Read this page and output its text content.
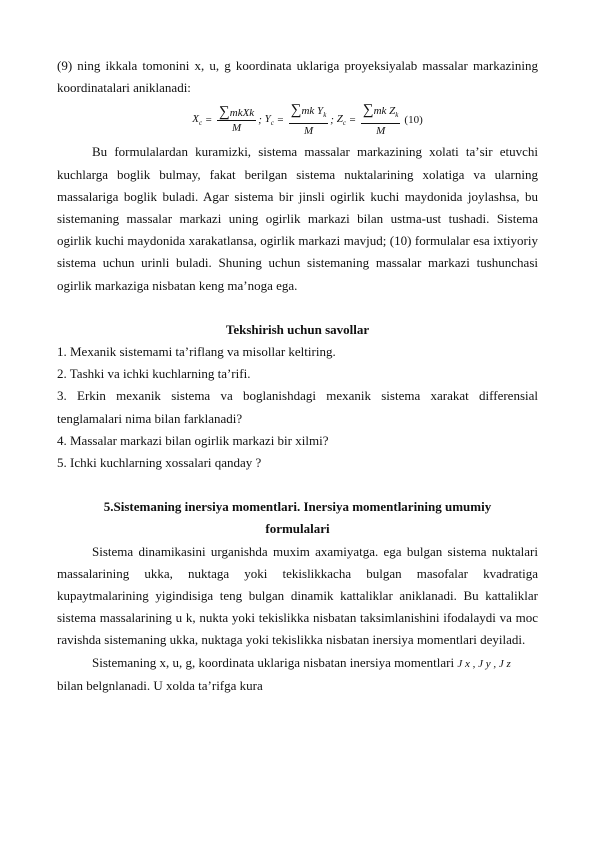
(9) ning ikkala tomonini x, u, g koordinata uklariga proyeksiyalab massalar markazining koordinatalari aniklanadi:

$X_c = \frac{\text{∑mkXk}}{M}$ ; $Y_c = \frac{\sum mk Y_k}{M}$ ; $Z_c = \frac{\sum mk Z_k}{M} (10)$

Bu formulalardan kuramizki, sistema massalar markazining xolati taʼsir etuvchi kuchlarga boglik bulmay, fakat berilgan sistema nuktalarining xolatiga va ularning massalariga boglik buladi. Agar sistema bir jinsli ogirlik kuchi maydonida joylashsa, bu sistemaning massalar markazi uning ogirlik markazi bilan ustma-ust tushadi. Sistema ogirlik kuchi maydonida xarakatlansa, ogirlik markazi mavjud; (10) formulalar esa ixtiyoriy sistema uchun urinli buladi. Shuning uchun sistemaning massalar markazi tushunchasi ogirlik markaziga nisbatan keng maʼnoga ega.

Tekshirish uchun savollar

1. Mexanik sistemami taʼriflang va misollar keltiring.

2. Tashki va ichki kuchlarning taʼrifi.

3. Erkin mexanik sistema va boglanishdagi mexanik sistema xarakat differensial tenglamalari nima bilan farklanadi?

4. Massalar markazi bilan ogirlik markazi bir xilmi?

5. Ichki kuchlarning xossalari qanday ?

5.Sistemaning inersiya momentlari. Inersiya momentlarining umumiy

formulalari

Sistema dinamikasini urganishda muxim axamiyatga. ega bulgan sistema nuktalari massalarining ukka, nuktaga yoki tekislikkacha bulgan masofalar kvadratiga kupaytmalarining yigindisiga teng bulgan dinamik kattaliklar aniklanadi. Bu kattaliklar sistema massalarining u k, nukta yoki tekislikka nisbatan taksimlanishini ifodalaydi va moc ravishda sistemaning ukka, nuktaga yoki tekislikka nisbatan inersiya momentlari deyiladi.

Sistemaning x, u, g, koordinata uklariga nisbatan inersiya momentlari J x , J y , J z

bilan belgnlanadi. U xolda taʼrifga kura
